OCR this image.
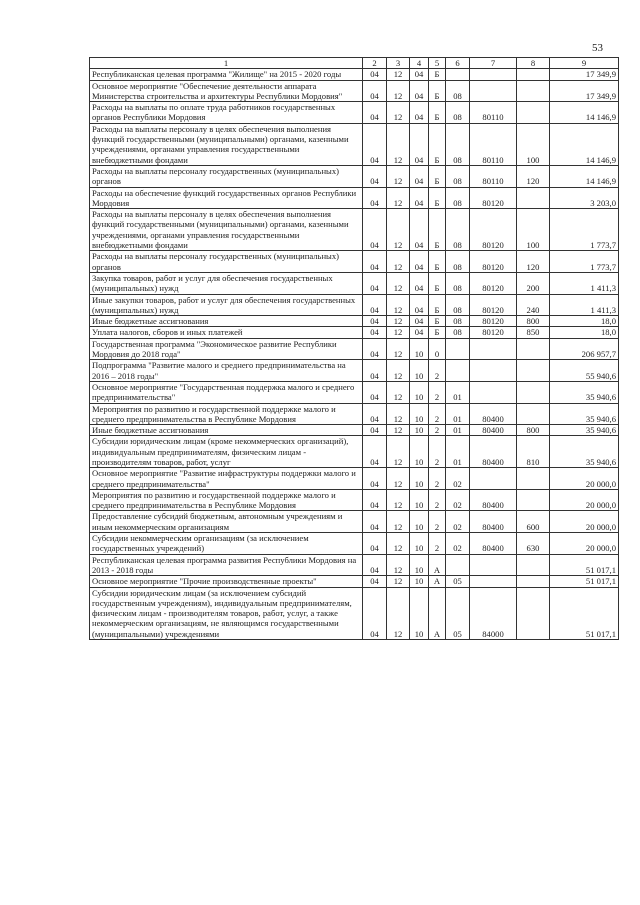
53
1	2	3	4	5	6	7	8	9
Республиканская целевая программа "Жилище" на 2015 - 2020 годы	04	12	04	Б				17 349,9
Основное мероприятие "Обеспечение деятельности аппарата Министерства строительства и архитектуры Республики Мордовия"	04	12	04	Б	08			17 349,9
Расходы на выплаты по оплате труда работников государственных органов Республики Мордовия	04	12	04	Б	08	80110		14 146,9
Расходы на выплаты персоналу в целях обеспечения выполнения функций государственными (муниципальными) органами, казенными учреждениями, органами управления государственными внебюджетными фондами	04	12	04	Б	08	80110	100	14 146,9
Расходы на выплаты персоналу государственных (муниципальных) органов	04	12	04	Б	08	80110	120	14 146,9
Расходы на обеспечение функций государственных органов Республики Мордовия	04	12	04	Б	08	80120		3 203,0
Расходы на выплаты персоналу в целях обеспечения выполнения функций государственными (муниципальными) органами, казенными учреждениями, органами управления государственными внебюджетными фондами	04	12	04	Б	08	80120	100	1 773,7
Расходы на выплаты персоналу государственных (муниципальных) органов	04	12	04	Б	08	80120	120	1 773,7
Закупка товаров, работ и услуг для обеспечения государственных (муниципальных) нужд	04	12	04	Б	08	80120	200	1 411,3
Иные закупки товаров, работ и услуг для обеспечения государственных (муниципальных) нужд	04	12	04	Б	08	80120	240	1 411,3
Иные бюджетные ассигнования	04	12	04	Б	08	80120	800	18,0
Уплата налогов, сборов и иных платежей	04	12	04	Б	08	80120	850	18,0
Государственная программа "Экономическое развитие Республики Мордовия до 2018 года"	04	12	10	0				206 957,7
Подпрограмма "Развитие малого и среднего предпринимательства на 2016 – 2018 годы"	04	12	10	2				55 940,6
Основное мероприятие "Государственная поддержка малого и среднего предпринимательства"	04	12	10	2	01			35 940,6
Мероприятия по развитию и государственной поддержке малого и среднего предпринимательства в Республике Мордовия	04	12	10	2	01	80400		35 940,6
Иные бюджетные ассигнования	04	12	10	2	01	80400	800	35 940,6
Субсидии юридическим лицам (кроме некоммерческих организаций), индивидуальным предпринимателям, физическим лицам - производителям товаров, работ, услуг	04	12	10	2	01	80400	810	35 940,6
Основное мероприятие "Развитие инфраструктуры поддержки малого и среднего предпринимательства"	04	12	10	2	02			20 000,0
Мероприятия по развитию и государственной поддержке малого и среднего предпринимательства в Республике Мордовия	04	12	10	2	02	80400		20 000,0
Предоставление субсидий бюджетным, автономным учреждениям и иным некоммерческим организациям	04	12	10	2	02	80400	600	20 000,0
Субсидии некоммерческим организациям (за исключением государственных учреждений)	04	12	10	2	02	80400	630	20 000,0
Республиканская целевая программа развития Республики Мордовия на 2013 - 2018 годы	04	12	10	А				51 017,1
Основное мероприятие "Прочие производственные проекты"	04	12	10	А	05			51 017,1
Субсидии юридическим лицам (за исключением субсидий государственным учреждениям), индивидуальным предпринимателям, физическим лицам - производителям товаров, работ, услуг, а также некоммерческим организациям, не являющимся государственными (муниципальными) учреждениями	04	12	10	А	05	84000		51 017,1
